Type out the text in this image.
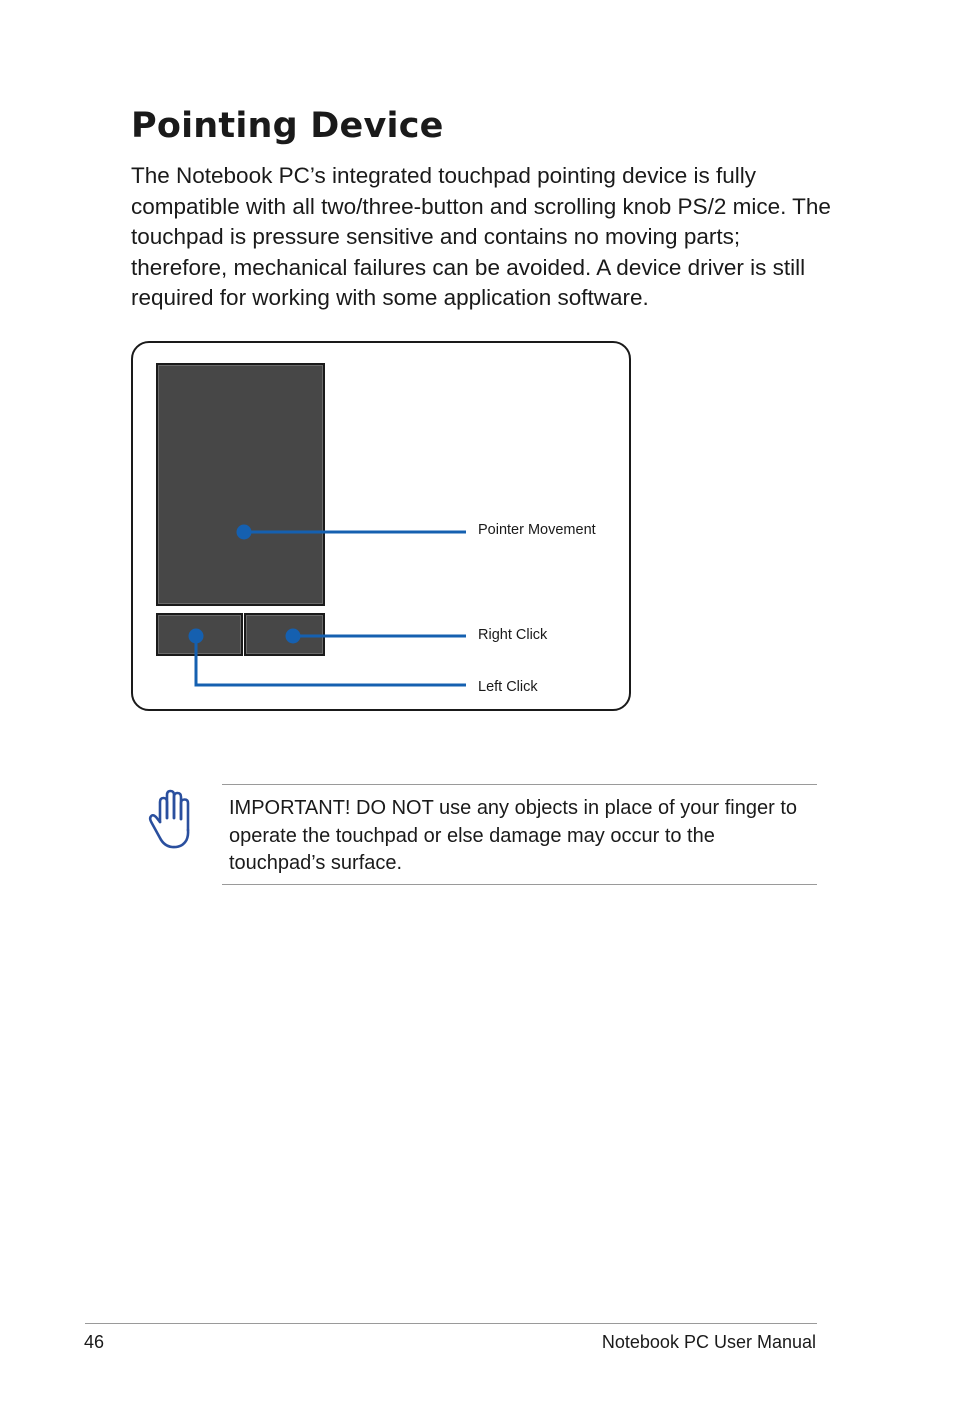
Pointing Device

The Notebook PC’s integrated touchpad pointing device is fully compatible with all two/three-button and scrolling knob PS/2 mice. The touchpad is pressure sensitive and contains no moving parts; therefore, mechanical failures can be avoided. A device driver is still required for working with some application software.

Pointer Movement
Right Click
Left Click

IMPORTANT! DO NOT use any objects in place of your finger to operate the touchpad or else damage may occur to the touchpad’s surface.

46	Notebook PC User Manual
